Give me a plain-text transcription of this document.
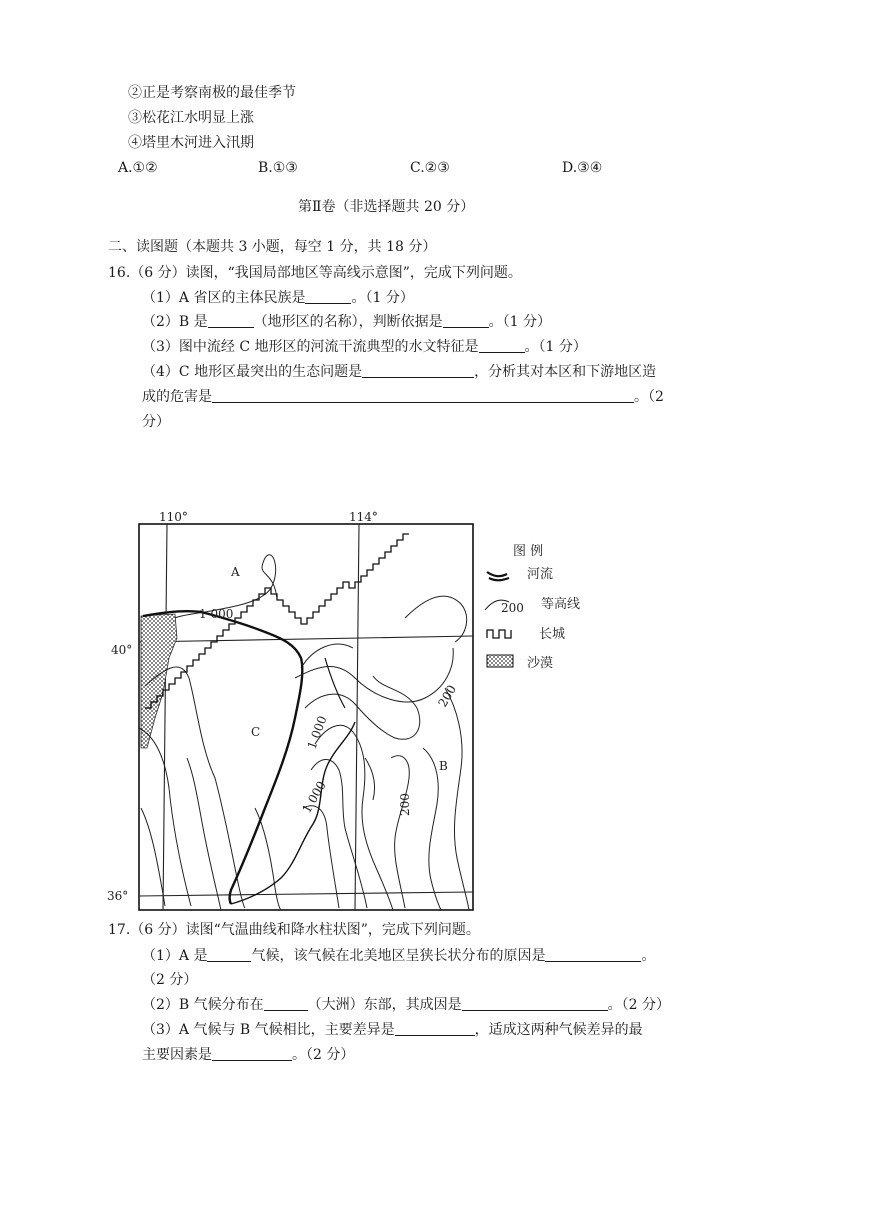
②正是考察南极的最佳季节
③松花江水明显上涨
④塔里木河进入汛期
A.①②	B.①③	C.②③	D.③④
第Ⅱ卷（非选择题共 20 分）
二、读图题（本题共 3 小题，每空 1 分，共 18 分）
16.（6 分）读图，“我国局部地区等高线示意图”，完成下列问题。
（1）A 省区的主体民族是	。（1 分）
（2）B 是	（地形区的名称），判断依据是	。（1 分）
（3）图中流经 C 地形区的河流干流典型的水文特征是	。（1 分）
（4）C 地形区最突出的生态问题是	，分析其对本区和下游地区造
成的危害是	。（2
分）
110°	114°
40°
36°
A
B
C
1 000
1 000
1 000	200
200
图 例
河流
200 等高线
长城
沙漠
17.（6 分）读图“气温曲线和降水柱状图”，完成下列问题。
（1）A 是	气候，该气候在北美地区呈狭长状分布的原因是	。
（2 分）
（2）B 气候分布在	（大洲）东部，其成因是	。（2 分）
（3）A 气候与 B 气候相比，主要差异是	，适成这两种气候差异的最
主要因素是	。（2 分）
